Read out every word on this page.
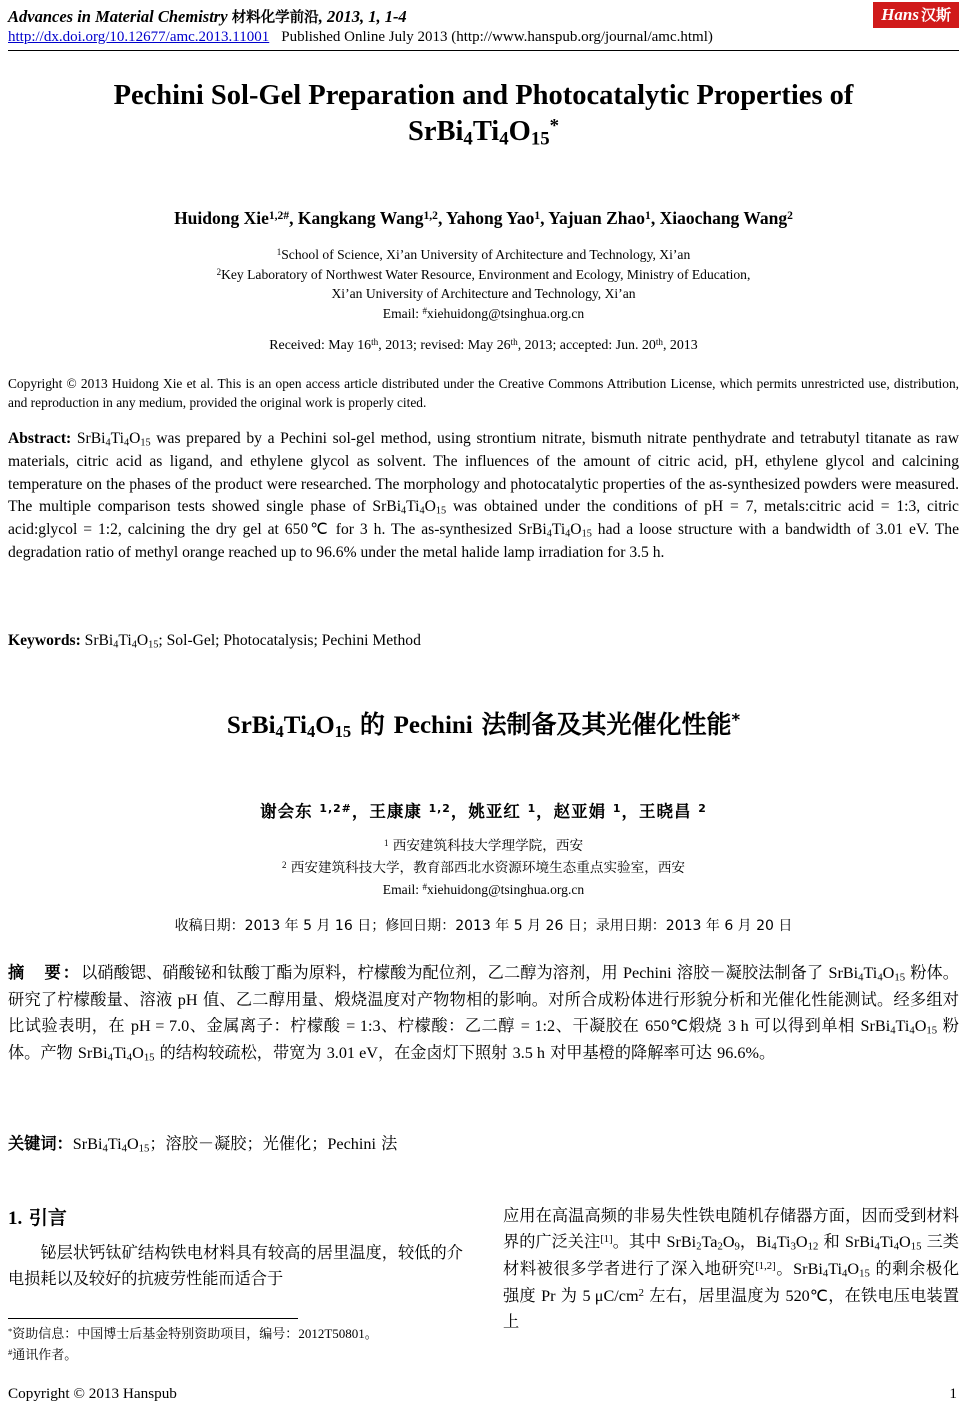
Advances in Material Chemistry 材料化学前沿, 2013, 1, 1-4
http://dx.doi.org/10.12677/amc.2013.11001 Published Online July 2013 (http://www.hanspub.org/journal/amc.html)
Hans 汉斯
Pechini Sol-Gel Preparation and Photocatalytic Properties of
$SrBi_4Ti_4O_{15}^*$
Huidong Xie$^{1,2\#}$, Kangkang Wang$^{1,2}$, Yahong Yao$^1$, Yajuan Zhao$^1$, Xiaochang Wang$^2$
$^1$School of Science, Xi’an University of Architecture and Technology, Xi’an
$^2$Key Laboratory of Northwest Water Resource, Environment and Ecology, Ministry of Education,
Xi’an University of Architecture and Technology, Xi’an
Email: #xiehuidong@tsinghua.org.cn
Received: May 16th, 2013; revised: May 26th, 2013; accepted: Jun. 20th, 2013
Copyright © 2013 Huidong Xie et al. This is an open access article distributed under the Creative Commons Attribution License, which permits unrestricted use, distribution, and reproduction in any medium, provided the original work is properly cited.
Abstract: $SrBi_4Ti_4O_{15}$ was prepared by a Pechini sol-gel method, using strontium nitrate, bismuth nitrate penthydrate and tetrabutyl titanate as raw materials, citric acid as ligand, and ethylene glycol as solvent. The influences of the amount of citric acid, pH, ethylene glycol and calcining temperature on the phases of the product were researched. The morphology and photocatalytic properties of the as-synthesized powders were measured. The multiple comparison tests showed single phase of $SrBi_4Ti_4O_{15}$ was obtained under the conditions of pH = 7, metals:citric acid = 1:3, citric acid:glycol = 1:2, calcining the dry gel at 650℃ for 3 h. The as-synthesized $SrBi_4Ti_4O_{15}$ had a loose structure with a bandwidth of 3.01 eV. The degradation ratio of methyl orange reached up to 96.6% under the metal halide lamp irradiation for 3.5 h.
Keywords: $SrBi_4Ti_4O_{15}$; Sol-Gel; Photocatalysis; Pechini Method
$SrBi_4Ti_4O_{15}$ 的 Pechini 法制备及其光催化性能*
谢会东 $^{1,2\#}$，王康康 $^{1,2}$，姚亚红 $^1$，赵亚娟 $^1$，王晓昌 $^2$
$^1$ 西安建筑科技大学理学院，西安
$^2$ 西安建筑科技大学，教育部西北水资源环境生态重点实验室，西安
Email: #xiehuidong@tsinghua.org.cn
收稿日期：2013 年 5 月 16 日；修回日期：2013 年 5 月 26 日；录用日期：2013 年 6 月 20 日
摘　要：以硝酸锶、硝酸铋和钛酸丁酯为原料，柠檬酸为配位剂，乙二醇为溶剂，用 Pechini 溶胶－凝胶法制备了 $SrBi_4Ti_4O_{15}$ 粉体。研究了柠檬酸量、溶液 pH 值、乙二醇用量、煅烧温度对产物物相的影响。对所合成粉体进行形貌分析和光催化性能测试。经多组对比试验表明，在 pH = 7.0、金属离子：柠檬酸 = 1:3、柠檬酸：乙二醇 = 1:2、干凝胶在 650℃煅烧 3 h 可以得到单相 $SrBi_4Ti_4O_{15}$ 粉体。产物 $SrBi_4Ti_4O_{15}$ 的结构较疏松，带宽为 3.01 eV，在金卤灯下照射 3.5 h 对甲基橙的降解率可达 96.6%。
关键词：$SrBi_4Ti_4O_{15}$；溶胶－凝胶；光催化；Pechini 法
1. 引言
铋层状钙钛矿结构铁电材料具有较高的居里温度，较低的介电损耗以及较好的抗疲劳性能而适合于
应用在高温高频的非易失性铁电随机存储器方面，因而受到材料界的广泛关注[1]。其中 $SrBi_2Ta_2O_9$，$Bi_4Ti_3O_{12}$ 和 $SrBi_4Ti_4O_{15}$ 三类材料被很多学者进行了深入地研究[1,2]。$SrBi_4Ti_4O_{15}$ 的剩余极化强度 Pr 为 5 $\mu C/cm^2$ 左右，居里温度为 520℃，在铁电压电装置上
*资助信息：中国博士后基金特别资助项目，编号：2012T50801。
#通讯作者。
Copyright © 2013 Hanspub	1
